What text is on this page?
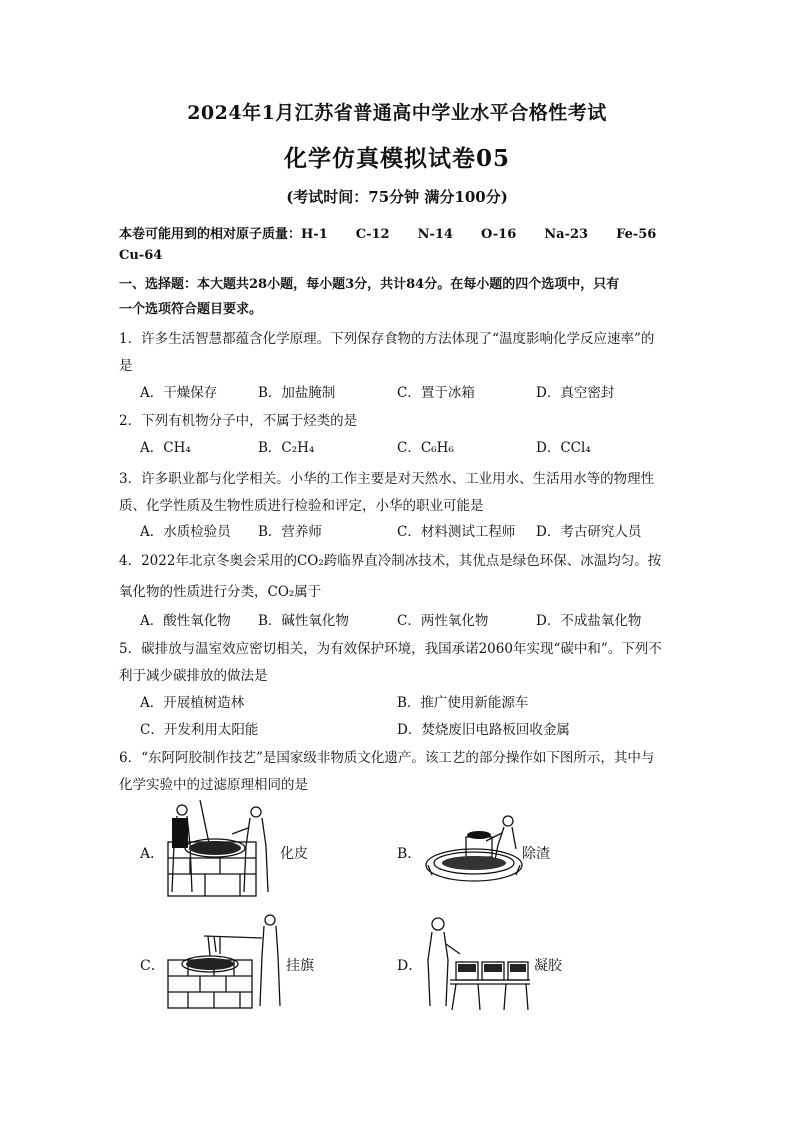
2024年1月江苏省普通高中学业水平合格性考试
化学仿真模拟试卷05
(考试时间：75分钟 满分100分)
本卷可能用到的相对原子质量：H-1 C-12 N-14 O-16 Na-23 Fe-56
Cu-64
一、选择题：本大题共28小题，每小题3分，共计84分。在每小题的四个选项中，只有
一个选项符合题目要求。
1．许多生活智慧都蕴含化学原理。下列保存食物的方法体现了“温度影响化学反应速率”的
是
A．干燥保存	B．加盐腌制	C．置于冰箱	D．真空密封
2．下列有机物分子中，不属于烃类的是
A．CH₄	B．C₂H₄	C．C₆H₆	D．CCl₄
3．许多职业都与化学相关。小华的工作主要是对天然水、工业用水、生活用水等的物理性
质、化学性质及生物性质进行检验和评定，小华的职业可能是
A．水质检验员 B．营养师	C．材料测试工程师 D．考古研究人员
4．2022年北京冬奥会采用的CO₂跨临界直冷制冰技术，其优点是绿色环保、冰温均匀。按
氧化物的性质进行分类，CO₂属于
A．酸性氧化物 B．碱性氧化物	C．两性氧化物	D．不成盐氧化物
5．碳排放与温室效应密切相关，为有效保护环境，我国承诺2060年实现“碳中和”。下列不
利于减少碳排放的做法是
A．开展植树造林	B．推广使用新能源车
C．开发利用太阳能	D．焚烧废旧电路板回收金属
6．“东阿阿胶制作技艺”是国家级非物质文化遗产。该工艺的部分操作如下图所示，其中与
化学实验中的过滤原理相同的是
A．	化皮	B．	除渣
C．	挂旗	D．	凝胶
